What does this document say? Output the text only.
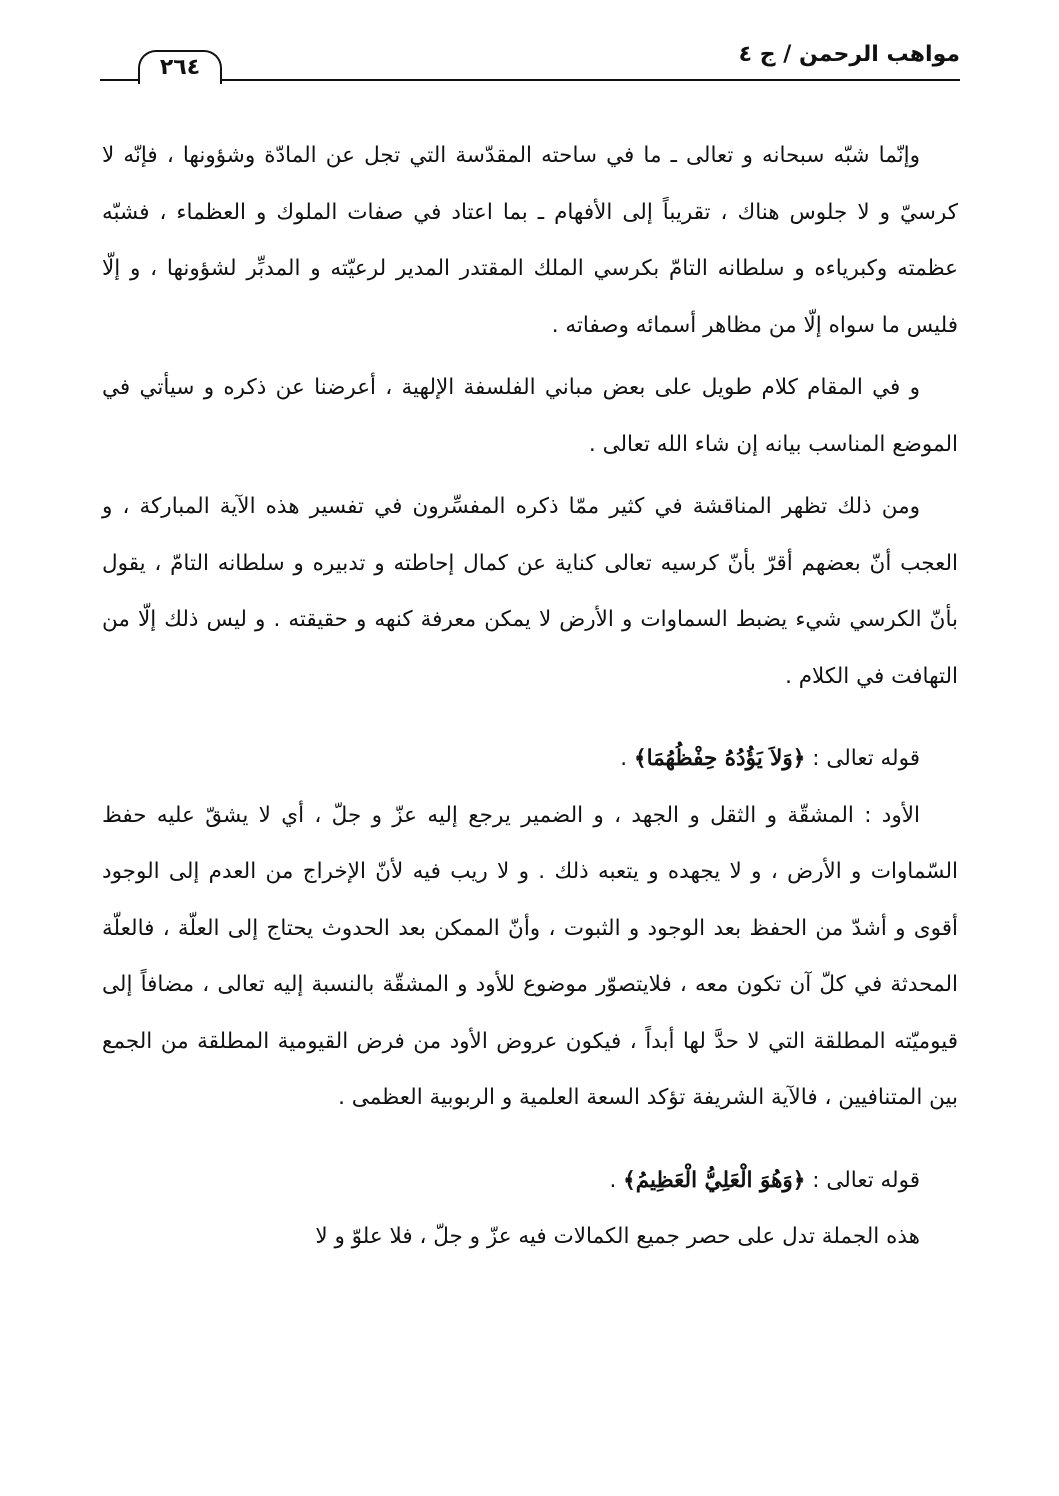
مواهب الرحمن / ج ٤
٢٦٤

وإنّما شبّه سبحانه و تعالى ـ ما في ساحته المقدّسة التي تجل عن المادّة وشؤونها ، فإنّه لا كرسيّ و لا جلوس هناك ، تقريباً إلى الأفهام ـ بما اعتاد في صفات الملوك و العظماء ، فشبّه عظمته وكبرياءه و سلطانه التامّ بكرسي الملك المقتدر المدير لرعيّته و المدبِّر لشؤونها ، و إلّا فليس ما سواه إلّا من مظاهر أسمائه وصفاته .

و في المقام كلام طويل على بعض مباني الفلسفة الإلهية ، أعرضنا عن ذكره و سيأتي في الموضع المناسب بيانه إن شاء الله تعالى .

ومن ذلك تظهر المناقشة في كثير ممّا ذكره المفسِّرون في تفسير هذه الآية المباركة ، و العجب أنّ بعضهم أقرّ بأنّ كرسيه تعالى كناية عن كمال إحاطته و تدبيره و سلطانه التامّ ، يقول بأنّ الكرسي شيء يضبط السماوات و الأرض لا يمكن معرفة كنهه و حقيقته . و ليس ذلك إلّا من التهافت في الكلام .

قوله تعالى : ﴿وَلاَ يَؤُدُهُ حِفْظُهُمَا﴾ .

الأود : المشقّة و الثقل و الجهد ، و الضمير يرجع إليه عزّ و جلّ ، أي لا يشقّ عليه حفظ السّماوات و الأرض ، و لا يجهده و يتعبه ذلك . و لا ريب فيه لأنّ الإخراج من العدم إلى الوجود أقوى و أشدّ من الحفظ بعد الوجود و الثبوت ، وأنّ الممكن بعد الحدوث يحتاج إلى العلّة ، فالعلّة المحدثة في كلّ آن تكون معه ، فلايتصوّر موضوع للأود و المشقّة بالنسبة إليه تعالى ، مضافاً إلى قيوميّته المطلقة التي لا حدَّ لها أبداً ، فيكون عروض الأود من فرض القيومية المطلقة من الجمع بين المتنافيين ، فالآية الشريفة تؤكد السعة العلمية و الربوبية العظمى .

قوله تعالى : ﴿وَهُوَ الْعَلِيُّ الْعَظِيمُ﴾ .

هذه الجملة تدل على حصر جميع الكمالات فيه عزّ و جلّ ، فلا علوّ و لا
